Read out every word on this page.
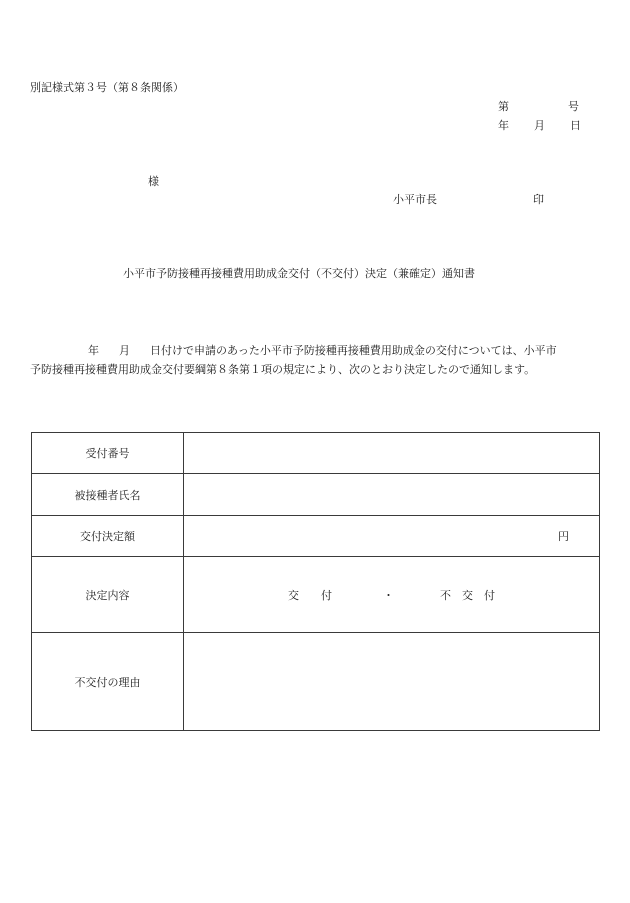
別記様式第３号（第８条関係）
第	号
年 月 日
様
小平市長	印
小平市予防接種再接種費用助成金交付（不交付）決定（兼確定）通知書
年 月 日付けで申請のあった小平市予防接種再接種費用助成金の交付については、小平市
予防接種再接種費用助成金交付要綱第８条第１項の規定により、次のとおり決定したので通知します。
受付番号	
被接種者氏名	
交付決定額	円

決定内容	交　　付 ・ 不　交　付

不交付の理由	
